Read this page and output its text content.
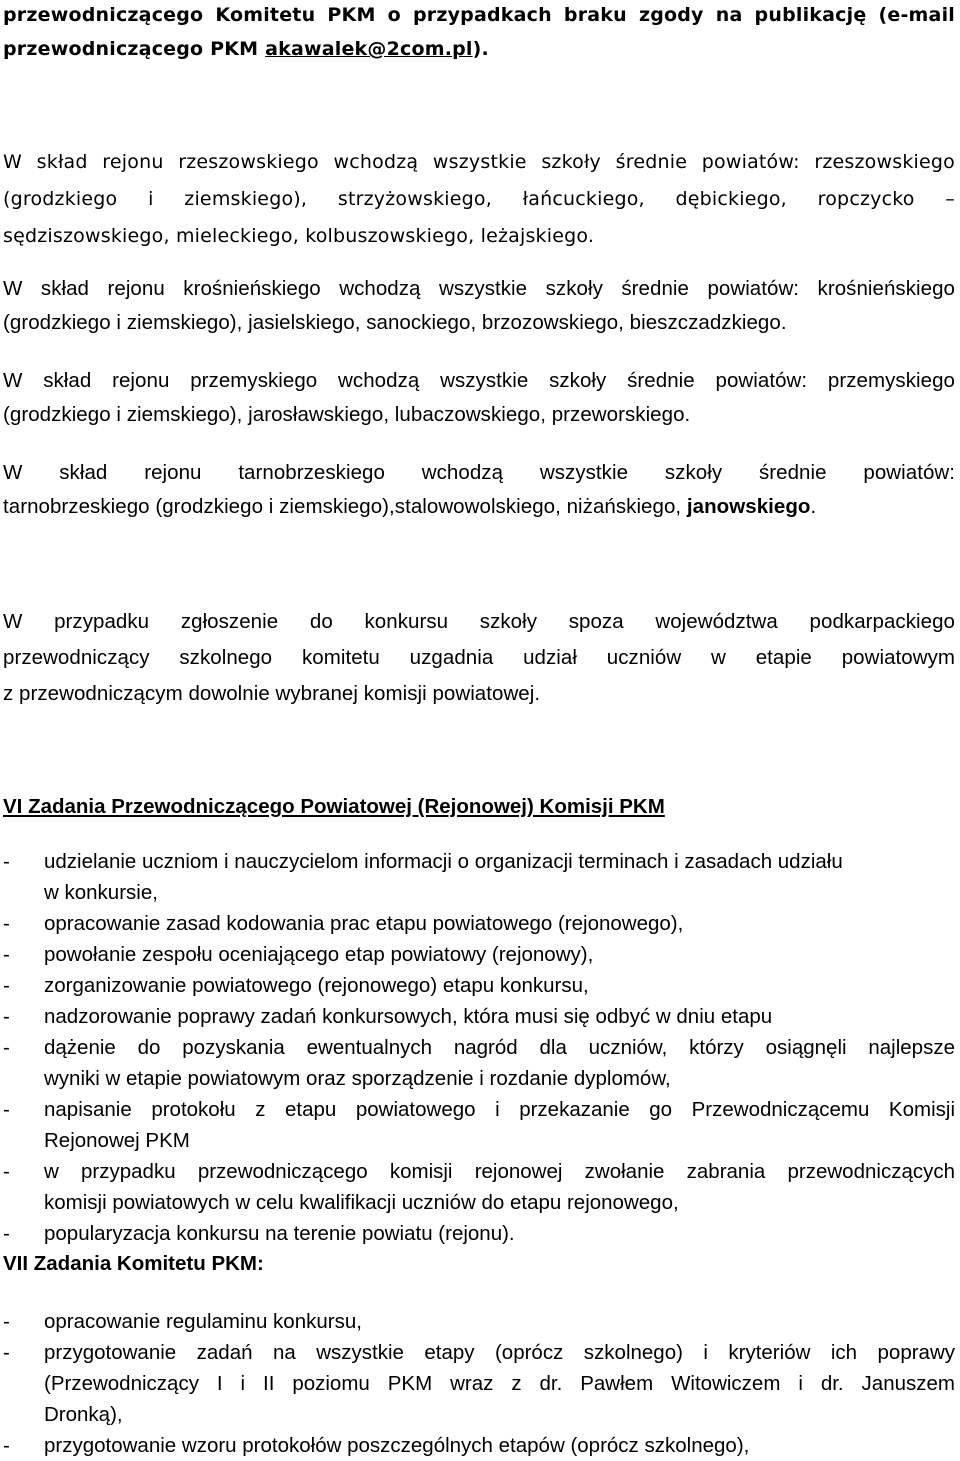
przewodniczącego Komitetu PKM o przypadkach braku zgody na publikację (e-mail

przewodniczącego PKM akawalek@2com.pl).

W skład rejonu rzeszowskiego wchodzą wszystkie szkoły średnie powiatów: rzeszowskiego

(grodzkiego i ziemskiego), strzyżowskiego, łańcuckiego, dębickiego, ropczycko –

sędziszowskiego, mieleckiego, kolbuszowskiego, leżajskiego.

W skład rejonu krośnieńskiego wchodzą wszystkie szkoły średnie powiatów: krośnieńskiego

(grodzkiego i ziemskiego), jasielskiego, sanockiego, brzozowskiego, bieszczadzkiego.

W skład rejonu przemyskiego wchodzą wszystkie szkoły średnie powiatów: przemyskiego

(grodzkiego i ziemskiego), jarosławskiego, lubaczowskiego, przeworskiego.

W skład rejonu tarnobrzeskiego wchodzą wszystkie szkoły średnie powiatów:

tarnobrzeskiego (grodzkiego i ziemskiego),stalowowolskiego, niżańskiego, janowskiego.

W przypadku zgłoszenie do konkursu szkoły spoza województwa podkarpackiego

przewodniczący szkolnego komitetu uzgadnia udział uczniów w etapie powiatowym

z przewodniczącym dowolnie wybranej komisji powiatowej.

VI Zadania Przewodniczącego Powiatowej (Rejonowej) Komisji PKM
- udzielanie uczniom i nauczycielom informacji o organizacji terminach i zasadach udziału
w konkursie,
- opracowanie zasad kodowania prac etapu powiatowego (rejonowego),
- powołanie zespołu oceniającego etap powiatowy (rejonowy),
- zorganizowanie powiatowego (rejonowego) etapu konkursu,
- nadzorowanie poprawy zadań konkursowych, która musi się odbyć w dniu etapu
- dążenie do pozyskania ewentualnych nagród dla uczniów, którzy osiągnęli najlepsze
wyniki w etapie powiatowym oraz sporządzenie i rozdanie dyplomów,
- napisanie protokołu z etapu powiatowego i przekazanie go Przewodniczącemu Komisji
Rejonowej PKM
- w przypadku przewodniczącego komisji rejonowej zwołanie zabrania przewodniczących
komisji powiatowych w celu kwalifikacji uczniów do etapu rejonowego,
- popularyzacja konkursu na terenie powiatu (rejonu).
VII Zadania Komitetu PKM:
- opracowanie regulaminu konkursu,
- przygotowanie zadań na wszystkie etapy (oprócz szkolnego) i kryteriów ich poprawy
(Przewodniczący I i II poziomu PKM wraz z dr. Pawłem Witowiczem i dr. Januszem
Dronką),
- przygotowanie wzoru protokołów poszczególnych etapów (oprócz szkolnego),
